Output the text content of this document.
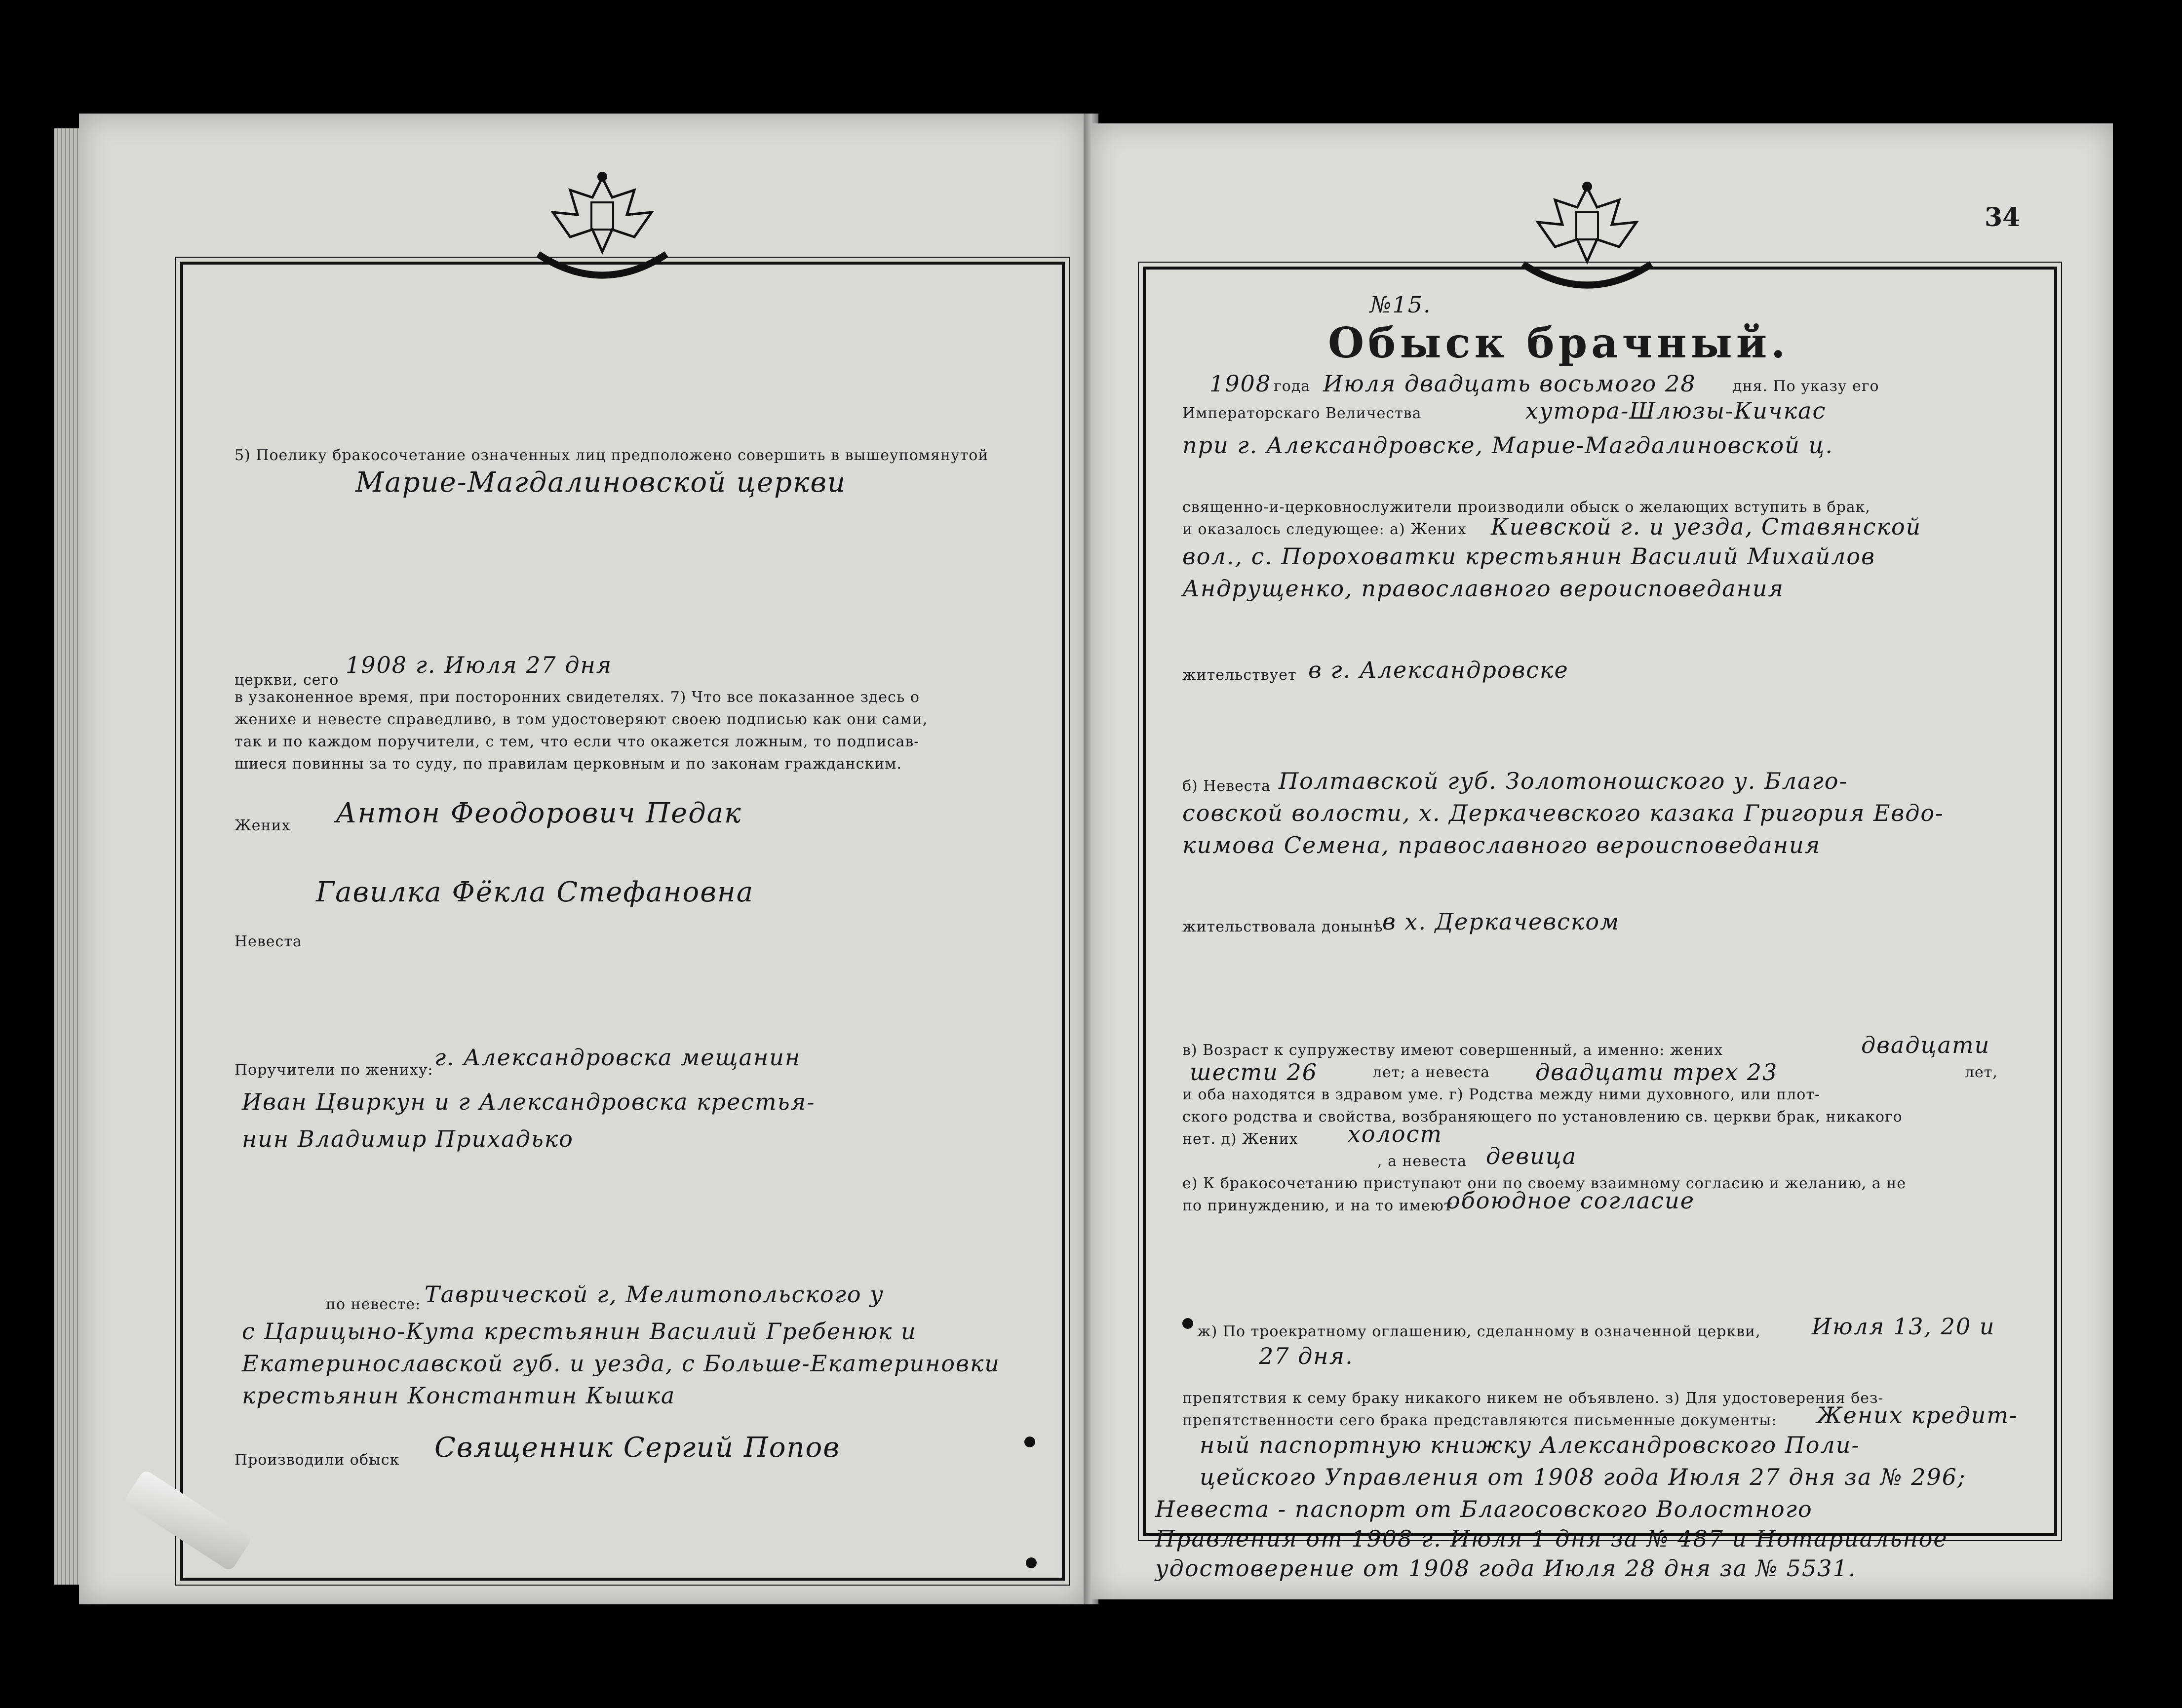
5) Поелику бракосочетание означенных лиц предположено совершить в вышеупомянутой
Марие-Магдалиновской церкви
церкви, сего
1908 г. Июля 27 дня
в узаконенное время, при посторонних свидетелях. 7) Что все показанное здесь о
женихе и невесте справедливо, в том удостоверяют своею подписью как они сами,
так и по каждом поручители, с тем, что если что окажется ложным, то подписав-
шиеся повинны за то суду, по правилам церковным и по законам гражданским.
Жених Антон Феодорович Педак
Невеста
Гавилка Фёкла Стефановна
Поручители по жениху: г. Александровска мещанин
Иван Цвиркун и г Александровска крестья-
нин Владимир Прихадько
по невесте: Таврической г, Мелитопольского у
с Царицыно-Кута крестьянин Василий Гребенюк и
Екатеринославской губ. и уезда, с Больше-Екатериновки
крестьянин Константин Кышка
Производили обыск Священник Сергий Попов
34
№15.
Обыск брачный.
1908 года Июля двадцать восьмого 28 дня. По указу его
Императорскаго Величества	хутора-Шлюзы-Кичкас
при г. Александровске, Марие-Магдалиновской ц.
священно-и-церковнослужители производили обыск о желающих вступить в брак,
и оказалось следующее: а) Жених Киевской г. и уезда, Ставянской
вол., с. Пороховатки крестьянин Василий Михайлов
Андрущенко, православного вероисповедания
жительствует в г. Александровске
б) Невеста Полтавской губ. Золотоношского у. Благо-
совской волости, х. Деркачевского казака Григория Евдо-
кимова Семена, православного вероисповедания
жительствовала донынѣ
в х. Деркачевском
в) Возраст к супружеству имеют совершенный, а именно: жених	двадцати
шести 26	лет; а невеста двадцати трех 23	лет,
и оба находятся в здравом уме. г) Родства между ними духовного, или плот-
ского родства и свойства, возбраняющего по установлению св. церкви брак, никакого
нет. д) Жених холост
, а невеста девица
е) К бракосочетанию приступают они по своему взаимному согласию и желанию, а не
по принуждению, и на то имеют
обоюдное согласие
ж) По троекратному оглашению, сделанному в означенной церкви, Июля 13, 20 и
27 дня.
препятствия к сему браку никакого никем не объявлено. з) Для удостоверения без-
препятственности сего брака представляются письменные документы: Жених кредит-
ный паспортную книжку Александровского Поли-
цейского Управления от 1908 года Июля 27 дня за № 296;
Невеста - паспорт от Благосовского Волостного
Правления от 1908 г. Июля 1 дня за № 487 и Нотариальное
удостоверение от 1908 года Июля 28 дня за № 5531.
